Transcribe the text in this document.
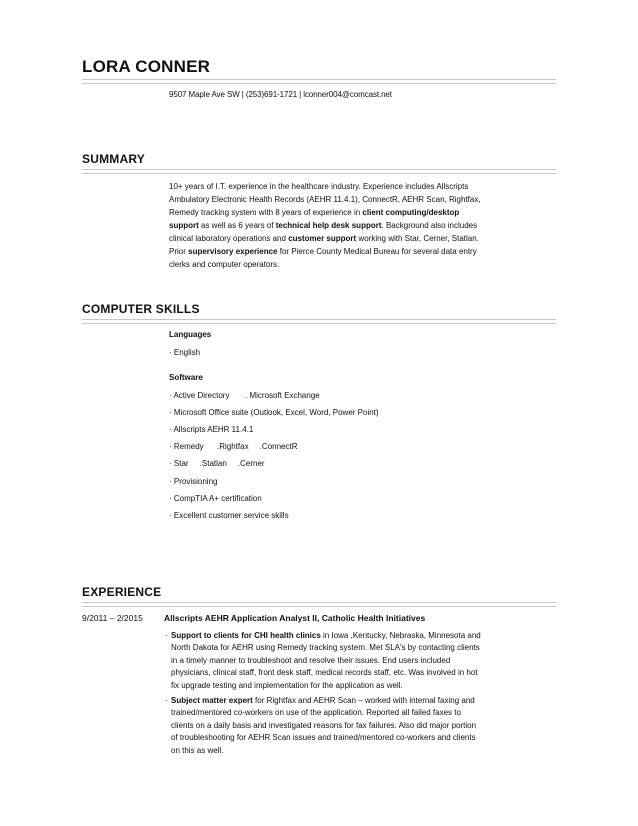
LORA CONNER
9507 Maple Ave SW | (253)691-1721 | lconner004@comcast.net
SUMMARY
10+ years of I.T. experience in the healthcare industry. Experience includes Allscripts
Ambulatory Electronic Health Records (AEHR 11.4.1), ConnectR, AEHR Scan, Rightfax,
Remedy tracking system with 8 years of experience in client computing/desktop
support as well as 6 years of technical help desk support. Background also includes
clinical laboratory operations and customer support working with Star, Cerner, Statlan.
Prior supervisory experience for Pierce County Medical Bureau for several data entry
clerks and computer operators.
COMPUTER SKILLS
Languages
· English
Software
· Active Directory       . Microsoft Exchange
· Microsoft Office suite (Outlook, Excel, Word, Power Point)
· Allscripts AEHR 11.4.1
· Remedy      .Rightfax     .ConnectR
· Star     .Statlan     .Cerner
· Provisioning
· CompTIA A+ certification
· Excellent customer service skills
EXPERIENCE
9/2011 – 2/2015 Allscripts AEHR Application Analyst II, Catholic Health Initiatives
· Support to clients for CHI health clinics in Iowa ,Kentucky, Nebraska, Minnesota and
North Dakota for AEHR using Remedy tracking system. Met SLA's by contacting clients
in a timely manner to troubleshoot and resolve their issues. End users included
physicians, clinical staff, front desk staff, medical records staff, etc. Was involved in hot
fix upgrade testing and implementation for the application as well.
· Subject matter expert for Rightfax and AEHR Scan – worked with internal faxing and
trained/mentored co-workers on use of the application. Reported all failed faxes to
clients on a daily basis and investigated reasons for fax failures. Also did major portion
of troubleshooting for AEHR Scan issues and trained/mentored co-workers and clients
on this as well.
